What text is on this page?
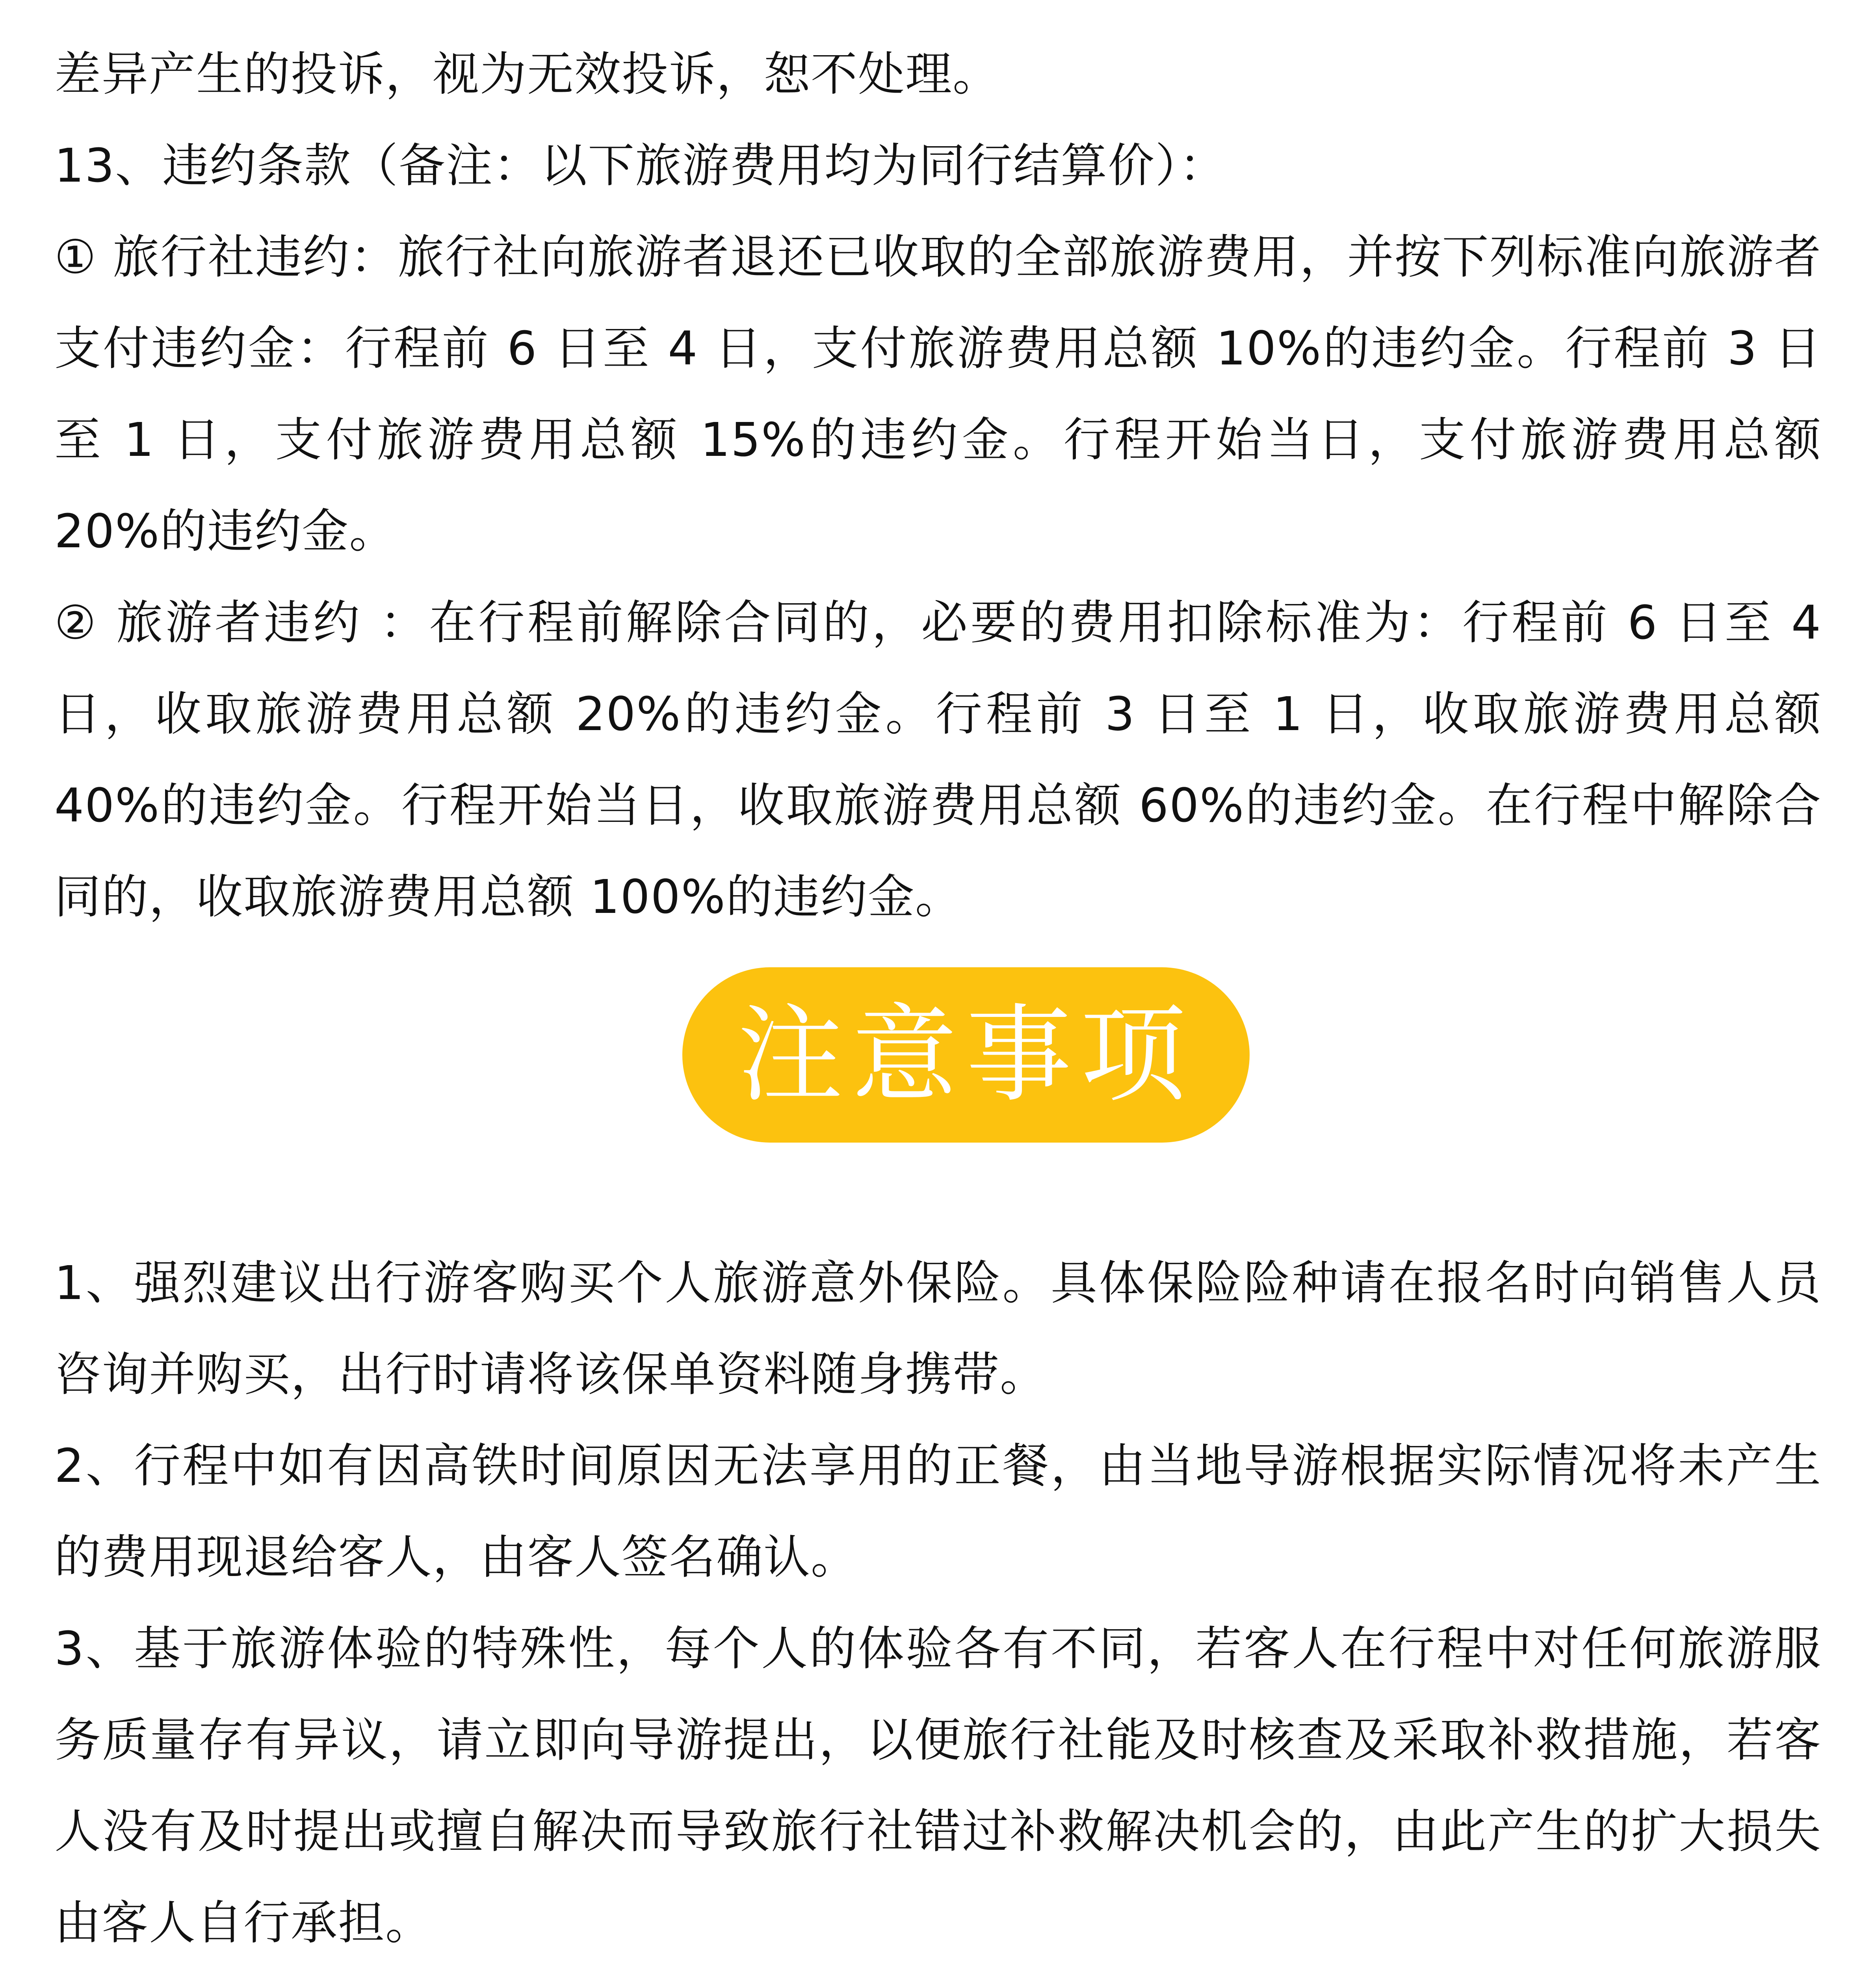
差异产生的投诉，视为无效投诉，恕不处理。

13、违约条款（备注：以下旅游费用均为同行结算价）：

① 旅行社违约：旅行社向旅游者退还已收取的全部旅游费用，并按下列标准向旅游者支付违约金：行程前 6 日至 4 日，支付旅游费用总额 10%的违约金。行程前 3 日至 1 日，支付旅游费用总额 15%的违约金。行程开始当日，支付旅游费用总额 20%的违约金。

② 旅游者违约 ：在行程前解除合同的，必要的费用扣除标准为：行程前 6 日至 4 日，收取旅游费用总额 20%的违约金。行程前 3 日至 1 日，收取旅游费用总额 40%的违约金。行程开始当日，收取旅游费用总额 60%的违约金。在行程中解除合同的，收取旅游费用总额 100%的违约金。

注意事项

1、强烈建议出行游客购买个人旅游意外保险。具体保险险种请在报名时向销售人员咨询并购买，出行时请将该保单资料随身携带。

2、行程中如有因高铁时间原因无法享用的正餐，由当地导游根据实际情况将未产生的费用现退给客人，由客人签名确认。

3、基于旅游体验的特殊性，每个人的体验各有不同，若客人在行程中对任何旅游服务质量存有异议，请立即向导游提出，以便旅行社能及时核查及采取补救措施，若客人没有及时提出或擅自解决而导致旅行社错过补救解决机会的，由此产生的扩大损失由客人自行承担。
